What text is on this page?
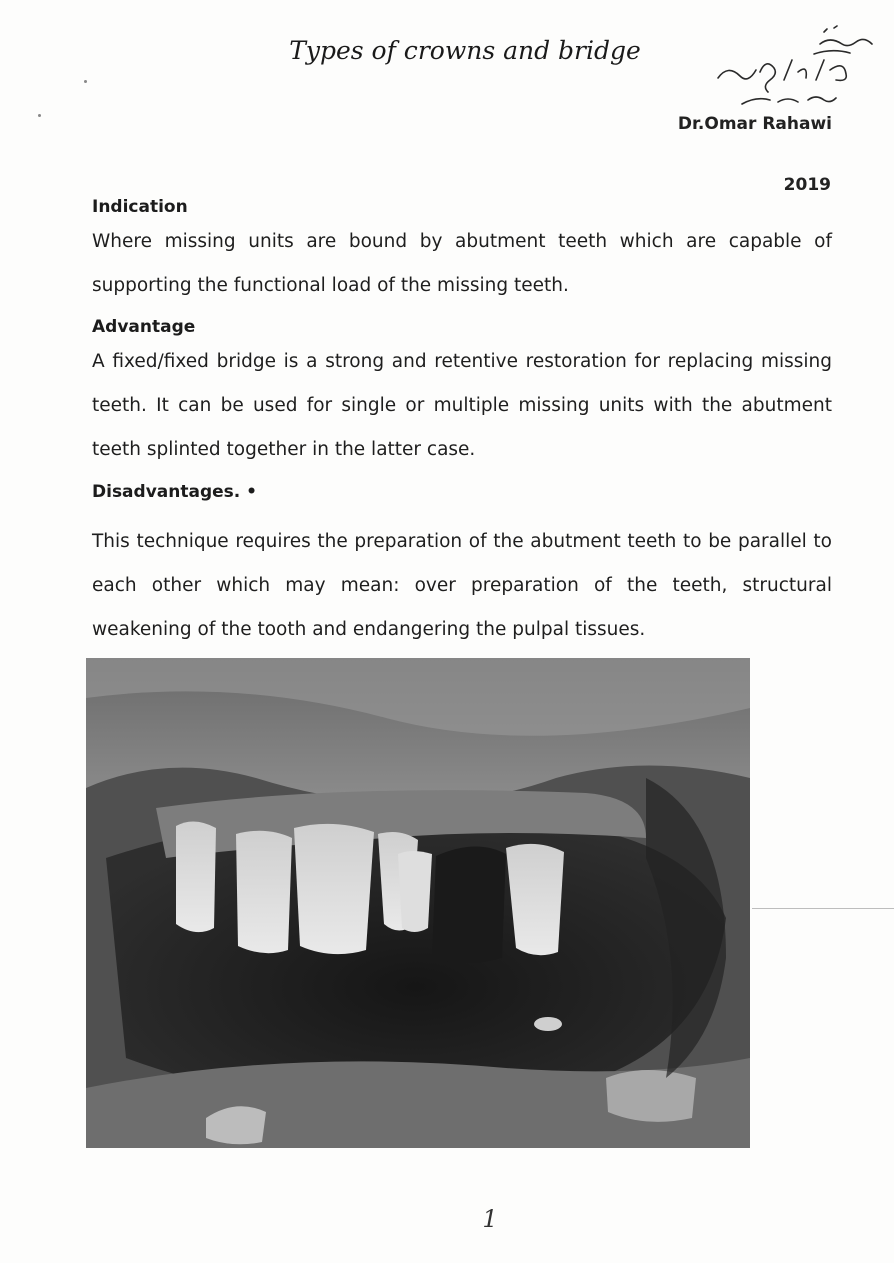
Types of crowns and bridge
Dr.Omar Rahawi
2019
Indication

Where missing units are bound by abutment teeth which are capable of supporting the functional load of the missing teeth.

Advantage

A fixed/fixed bridge is a strong and retentive restoration for replacing missing teeth. It can be used for single or multiple missing units with the abutment teeth splinted together in the latter case.

Disadvantages. •

This technique requires the preparation of the abutment teeth to be parallel to each other which may mean: over preparation of the teeth, structural weakening of the tooth and endangering the pulpal tissues.

1
